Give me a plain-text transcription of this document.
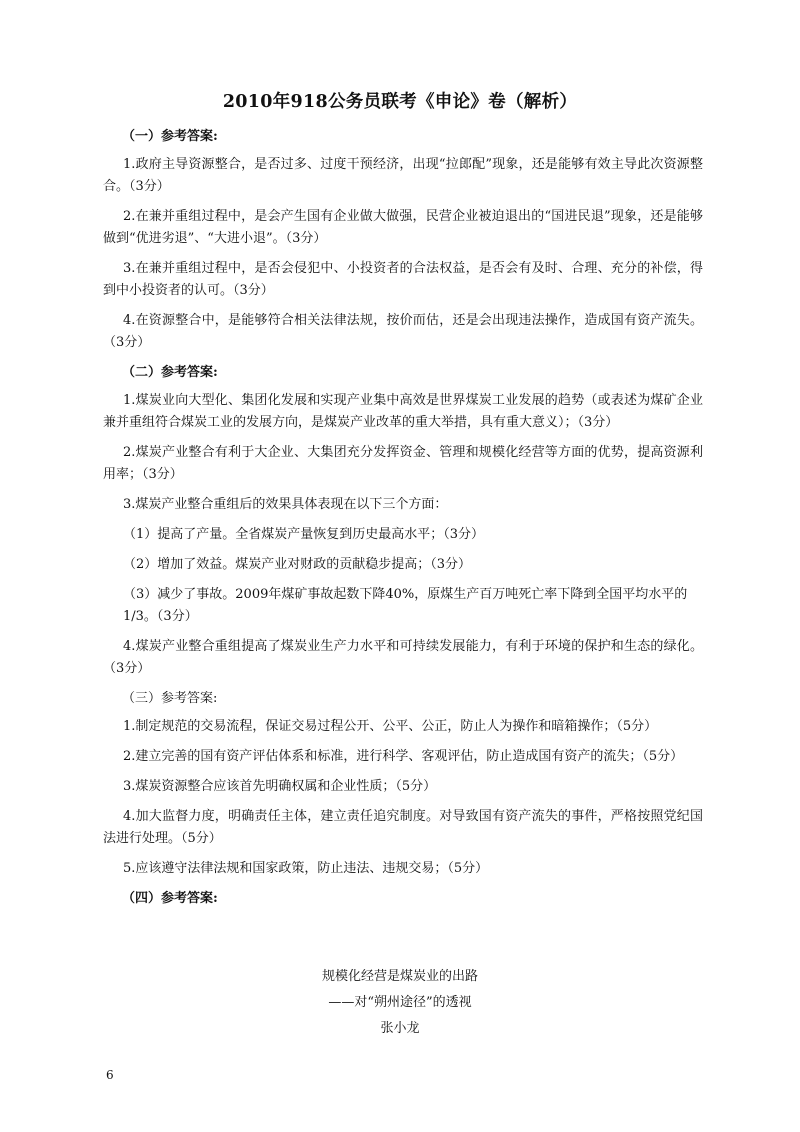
2010年918公务员联考《申论》卷（解析）

（一）参考答案:

1.政府主导资源整合，是否过多、过度干预经济，出现“拉郎配”现象，还是能够有效主导此次资源整合。（3分）

2.在兼并重组过程中，是会产生国有企业做大做强，民营企业被迫退出的“国进民退”现象，还是能够做到“优进劣退”、“大进小退”。（3分）

3.在兼并重组过程中，是否会侵犯中、小投资者的合法权益，是否会有及时、合理、充分的补偿，得到中小投资者的认可。（3分）

4.在资源整合中，是能够符合相关法律法规，按价而估，还是会出现违法操作，造成国有资产流失。（3分）

（二）参考答案:

1.煤炭业向大型化、集团化发展和实现产业集中高效是世界煤炭工业发展的趋势（或表述为煤矿企业兼并重组符合煤炭工业的发展方向，是煤炭产业改革的重大举措，具有重大意义）；（3分）

2.煤炭产业整合有利于大企业、大集团充分发挥资金、管理和规模化经营等方面的优势，提高资源利用率；（3分）

3.煤炭产业整合重组后的效果具体表现在以下三个方面：

（1）提高了产量。全省煤炭产量恢复到历史最高水平；（3分）

（2）增加了效益。煤炭产业对财政的贡献稳步提高；（3分）

（3）减少了事故。2009年煤矿事故起数下降40%，原煤生产百万吨死亡率下降到全国平均水平的1/3。（3分）

4.煤炭产业整合重组提高了煤炭业生产力水平和可持续发展能力，有利于环境的保护和生态的绿化。（3分）

（三）参考答案:

1.制定规范的交易流程，保证交易过程公开、公平、公正，防止人为操作和暗箱操作；（5分）

2.建立完善的国有资产评估体系和标准，进行科学、客观评估，防止造成国有资产的流失；（5分）

3.煤炭资源整合应该首先明确权属和企业性质；（5分）

4.加大监督力度，明确责任主体，建立责任追究制度。对导致国有资产流失的事件，严格按照党纪国法进行处理。（5分）

5.应该遵守法律法规和国家政策，防止违法、违规交易；（5分）

（四）参考答案:

规模化经营是煤炭业的出路
——对“朔州途径”的透视
张小龙
6
